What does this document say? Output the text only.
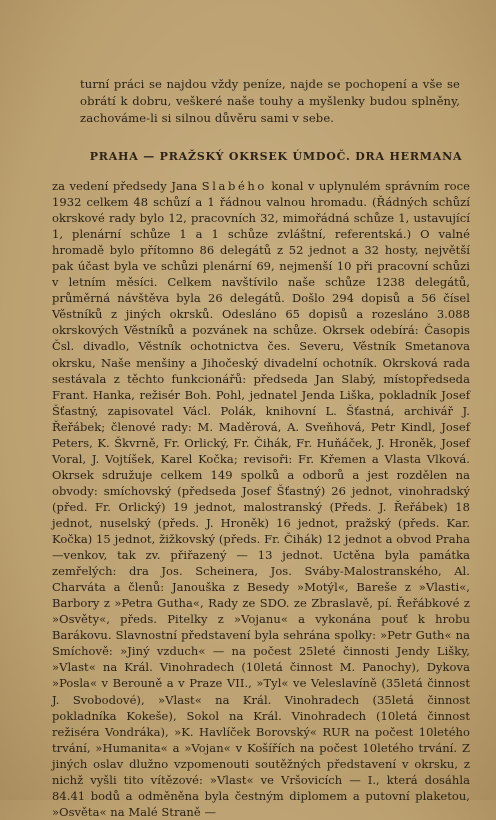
turní práci se najdou vždy peníze, najde se pochopení a vše se obrátí k dobru, veškeré naše touhy a myšlenky budou splněny, zachováme-li si silnou důvěru sami v sebe.

PRAHA — PRAŽSKÝ OKRSEK ÚMDOČ. DRA HERMANA

za vedení předsedy Jana Slabého konal v uplynulém správním roce 1932 celkem 48 schůzí a 1 řádnou valnou hromadu. (Řádných schůzí okrskové rady bylo 12, pracovních 32, mimořádná schůze 1, ustavující 1, plenární schůze 1 a 1 schůze zvláštní, referentská.) O valné hromadě bylo přítomno 86 delegátů z 52 jednot a 32 hosty, největší pak účast byla ve schůzi plenární 69, nejmenší 10 při pracovní schůzi v letním měsíci. Celkem navštívilo naše schůze 1238 delegátů, průměrná návštěva byla 26 delegátů. Došlo 294 dopisů a 56 čísel Věstníků z jiných okrsků. Odesláno 65 dopisů a rozesláno 3.088 okrskových Věstníků a pozvánek na schůze. Okrsek odebírá: Časopis Čsl. divadlo, Věstník ochotnictva čes. Severu, Věstník Smetanova okrsku, Naše menšiny a Jihočeský divadelní ochotník. Okrsková rada sestávala z těchto funkcionářů: předseda Jan Slabý, místopředseda Frant. Hanka, režisér Boh. Pohl, jednatel Jenda Liška, pokladník Josef Šťastný, zapisovatel Václ. Polák, knihovní L. Šťastná, archivář J. Řeřábek; členové rady: M. Maděrová, A. Sveňhová, Petr Kindl, Josef Peters, K. Škvrně, Fr. Orlický, Fr. Čihák, Fr. Huňáček, J. Hroněk, Josef Voral, J. Vojtíšek, Karel Kočka; revisoři: Fr. Křemen a Vlasta Vlková. Okrsek sdružuje celkem 149 spolků a odborů a jest rozdělen na obvody: smíchovský (předseda Josef Šťastný) 26 jednot, vinohradský (před. Fr. Orlický) 19 jednot, malostranský (Předs. J. Řeřábek) 18 jednot, nuselský (předs. J. Hroněk) 16 jednot, pražský (předs. Kar. Kočka) 15 jednot, žižkovský (předs. Fr. Čihák) 12 jednot a obvod Praha—venkov, tak zv. přiřazený — 13 jednot. Uctěna byla památka zemřelých: dra Jos. Scheinera, Jos. Sváby-Malostranského, Al. Charváta a členů: Janouška z Besedy »Motýl«, Bareše z »Vlasti«, Barbory z »Petra Gutha«, Rady ze SDO. ze Zbraslavě, pí. Řeřábkové z »Osvěty«, předs. Pitelky z »Vojanu« a vykonána pouť k hrobu Barákovu. Slavnostní představení byla sehrána spolky: »Petr Guth« na Smíchově: »Jiný vzduch« — na počest 25leté činnosti Jendy Lišky, »Vlast« na Král. Vinohradech (10letá činnost M. Panochy), Dykova »Posla« v Berouně a v Praze VII., »Tyl« ve Veleslavíně (35letá činnost J. Svobodové), »Vlast« na Král. Vinohradech (35letá činnost pokladníka Kokeše), Sokol na Král. Vinohradech (10letá činnost režiséra Vondráka), »K. Havlíček Borovský« RUR na počest 10letého trvání, »Humanita« a »Vojan« v Košířích na počest 10letého trvání. Z jiných oslav dlužno vzpomenouti soutěžných představení v okrsku, z nichž vyšli tito vítězové: »Vlast« ve Vršovicích — I., která dosáhla 84.41 bodů a odměněna byla čestným diplomem a putovní plaketou, »Osvěta« na Malé Straně —
